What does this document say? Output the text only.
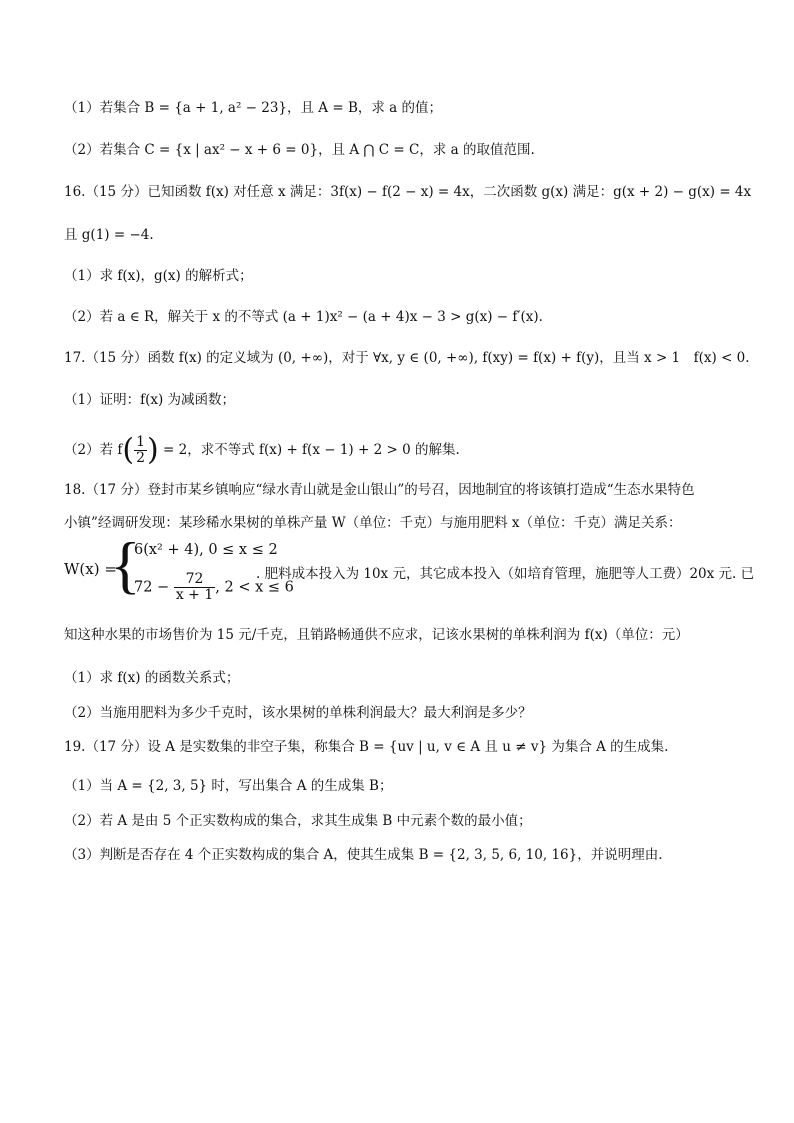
（1）若集合 B = {a + 1, a² − 23}，且 A = B，求 a 的值；
（2）若集合 C = {x | ax² − x + 6 = 0}，且 A ⋂ C = C，求 a 的取值范围.
16.（15 分）已知函数 f(x) 对任意 x 满足：3f(x) − f(2 − x) = 4x，二次函数 g(x) 满足：g(x + 2) − g(x) = 4x
且 g(1) = −4.
（1）求 f(x)，g(x) 的解析式；
（2）若 a ∈ R，解关于 x 的不等式 (a + 1)x² − (a + 4)x − 3 > g(x) − f′(x).
17.（15 分）函数 f(x) 的定义域为 (0, +∞)，对于 ∀x, y ∈ (0, +∞), f(xy) = f(x) + f(y)，且当 x > 1　f(x) < 0.
（1）证明：f(x) 为减函数；
18.（17 分）登封市某乡镇响应“绿水青山就是金山银山”的号召，因地制宜的将该镇打造成“生态水果特色
小镇”经调研发现：某珍稀水果树的单株产量 W（单位：千克）与施用肥料 x（单位：千克）满足关系：
知这种水果的市场售价为 15 元/千克，且销路畅通供不应求，记该水果树的单株利润为 f(x)（单位：元）
（1）求 f(x) 的函数关系式；
（2）当施用肥料为多少千克时，该水果树的单株利润最大？最大利润是多少？
19.（17 分）设 A 是实数集的非空子集，称集合 B = {uv | u, v ∈ A 且 u ≠ v} 为集合 A 的生成集.
（1）当 A = {2, 3, 5} 时，写出集合 A 的生成集 B；
（2）若 A 是由 5 个正实数构成的集合，求其生成集 B 中元素个数的最小值；
（3）判断是否存在 4 个正实数构成的集合 A，使其生成集 B = {2, 3, 5, 6, 10, 16}，并说明理由.
（2）若 $f( \frac{1}{2}$ ) = 2，求不等式 f(x) + f(x − 1) + 2 > 0 的解集.
W(x) =
{
6(x² + 4), 0 ≤ x ≤ 2
$72 - \frac{72}{x + 1}$ , 2 < x ≤ 6
. 肥料成本投入为 10x 元，其它成本投入（如培育管理，施肥等人工费）20x 元. 已
